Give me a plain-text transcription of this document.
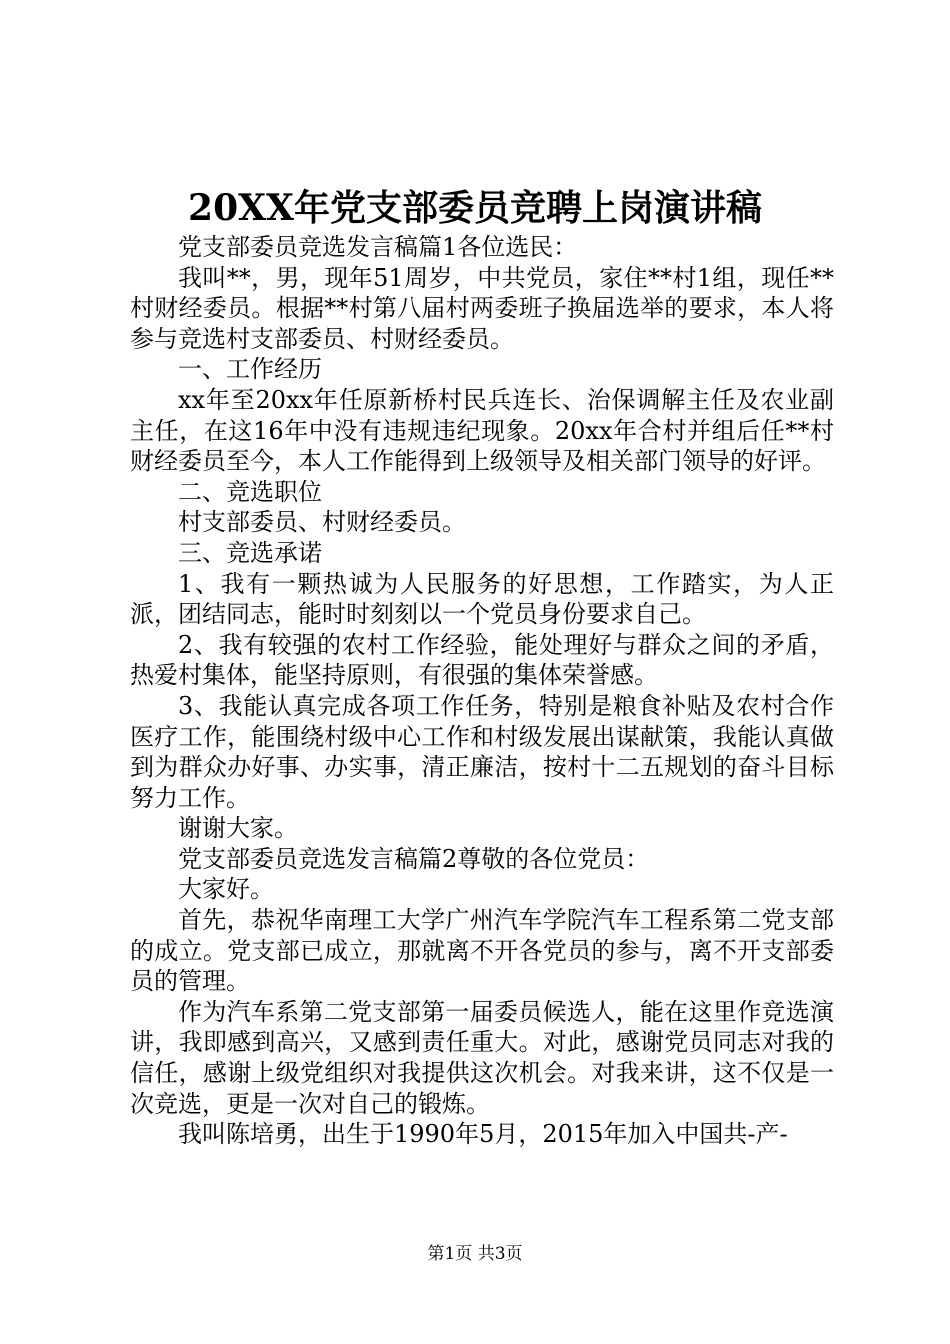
20XX年党支部委员竞聘上岗演讲稿

党支部委员竞选发言稿篇1各位选民：

我叫**，男，现年51周岁，中共党员，家住**村1组，现任**村财经委员。根据**村第八届村两委班子换届选举的要求，本人将参与竞选村支部委员、村财经委员。

一、工作经历

xx年至20xx年任原新桥村民兵连长、治保调解主任及农业副主任，在这16年中没有违规违纪现象。20xx年合村并组后任**村财经委员至今，本人工作能得到上级领导及相关部门领导的好评。

二、竞选职位

村支部委员、村财经委员。

三、竞选承诺

1、我有一颗热诚为人民服务的好思想，工作踏实，为人正派，团结同志，能时时刻刻以一个党员身份要求自己。

2、我有较强的农村工作经验，能处理好与群众之间的矛盾，热爱村集体，能坚持原则，有很强的集体荣誉感。

3、我能认真完成各项工作任务，特别是粮食补贴及农村合作医疗工作，能围绕村级中心工作和村级发展出谋献策，我能认真做到为群众办好事、办实事，清正廉洁，按村十二五规划的奋斗目标努力工作。

谢谢大家。

党支部委员竞选发言稿篇2尊敬的各位党员：

大家好。

首先，恭祝华南理工大学广州汽车学院汽车工程系第二党支部的成立。党支部已成立，那就离不开各党员的参与，离不开支部委员的管理。

作为汽车系第二党支部第一届委员候选人，能在这里作竞选演讲，我即感到高兴，又感到责任重大。对此，感谢党员同志对我的信任，感谢上级党组织对我提供这次机会。对我来讲，这不仅是一次竞选，更是一次对自己的锻炼。

我叫陈培勇，出生于1990年5月，2015年加入中国共-产-

第1页 共3页
